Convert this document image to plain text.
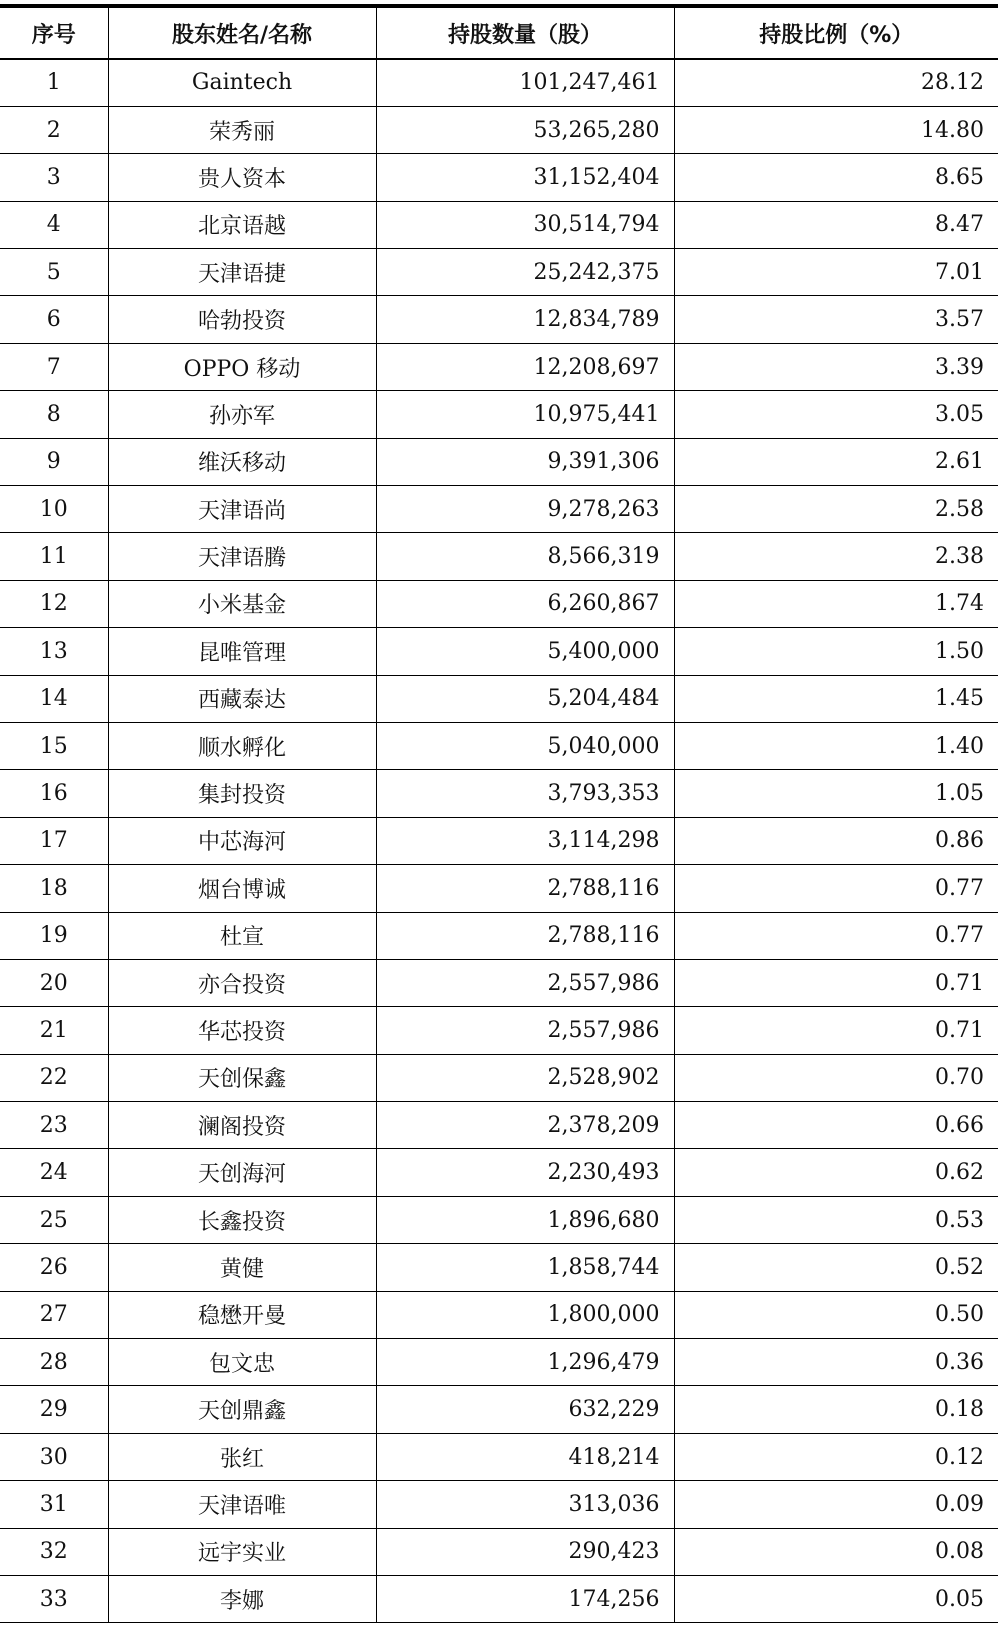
序号	股东姓名/名称	持股数量（股）	持股比例（%）
1	Gaintech	101,247,461	28.12
2	荣秀丽	53,265,280	14.80
3	贵人资本	31,152,404	8.65
4	北京语越	30,514,794	8.47
5	天津语捷	25,242,375	7.01
6	哈勃投资	12,834,789	3.57
7	OPPO 移动	12,208,697	3.39
8	孙亦军	10,975,441	3.05
9	维沃移动	9,391,306	2.61
10	天津语尚	9,278,263	2.58
11	天津语腾	8,566,319	2.38
12	小米基金	6,260,867	1.74
13	昆唯管理	5,400,000	1.50
14	西藏泰达	5,204,484	1.45
15	顺水孵化	5,040,000	1.40
16	集封投资	3,793,353	1.05
17	中芯海河	3,114,298	0.86
18	烟台博诚	2,788,116	0.77
19	杜宣	2,788,116	0.77
20	亦合投资	2,557,986	0.71
21	华芯投资	2,557,986	0.71
22	天创保鑫	2,528,902	0.70
23	澜阁投资	2,378,209	0.66
24	天创海河	2,230,493	0.62
25	长鑫投资	1,896,680	0.53
26	黄健	1,858,744	0.52
27	稳懋开曼	1,800,000	0.50
28	包文忠	1,296,479	0.36
29	天创鼎鑫	632,229	0.18
30	张红	418,214	0.12
31	天津语唯	313,036	0.09
32	远宇实业	290,423	0.08
33	李娜	174,256	0.05
